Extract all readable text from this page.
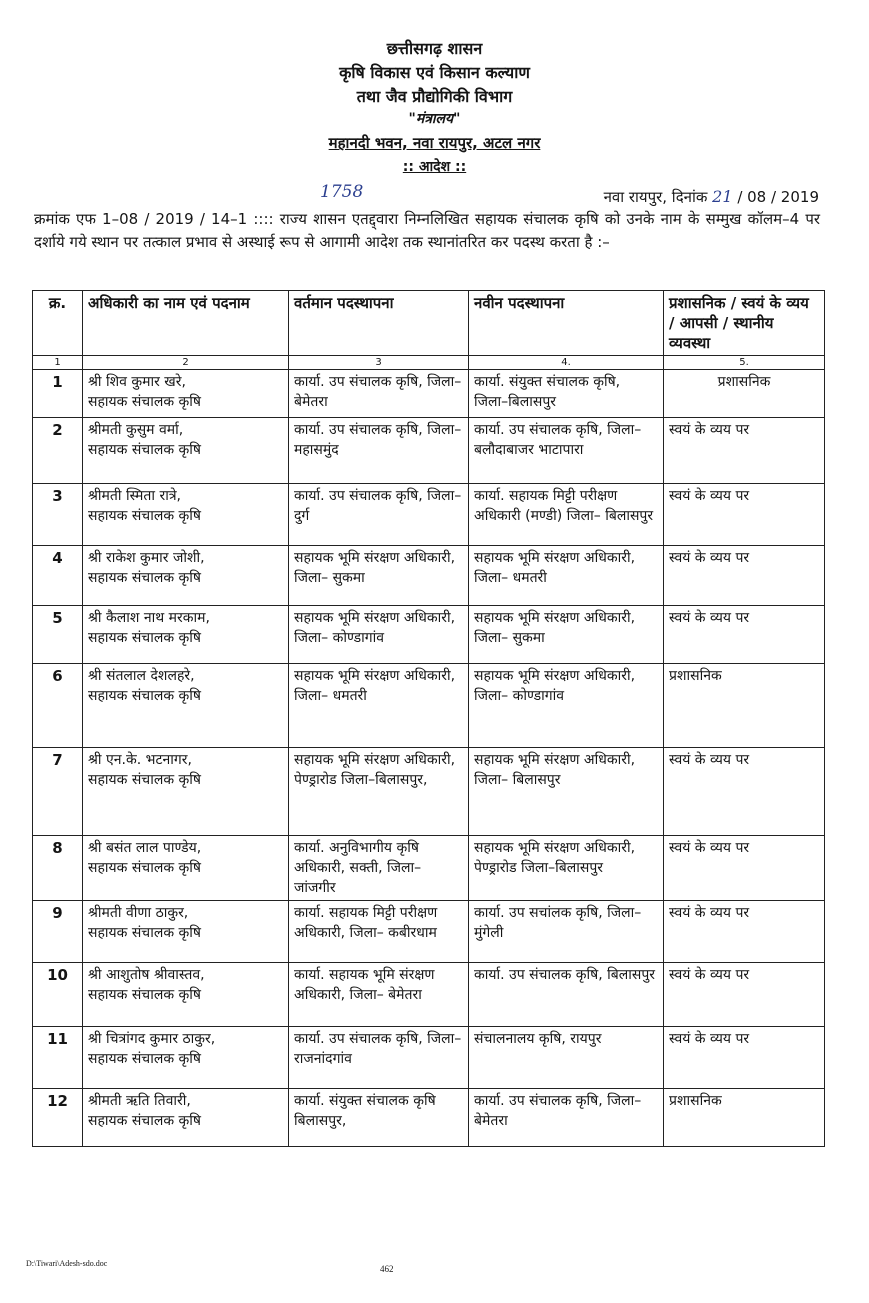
छत्तीसगढ़ शासन
कृषि विकास एवं किसान कल्याण
तथा जैव प्रौद्योगिकी विभाग
"मंत्रालय"
महानदी भवन, नवा रायपुर, अटल नगर
:: आदेश ::
1758	नवा रायपुर, दिनांक 21 / 08 / 2019
क्रमांक एफ 1–08 / 2019 / 14–1 :::: राज्य शासन एतद्द्वारा निम्नलिखित सहायक संचालक कृषि को उनके नाम के सम्मुख कॉलम–4 पर दर्शाये गये स्थान पर तत्काल प्रभाव से अस्थाई रूप से आगामी आदेश तक स्थानांतरित कर पदस्थ करता है :–
क्र.	अधिकारी का नाम एवं पदनाम	वर्तमान पदस्थापना	नवीन पदस्थापना	प्रशासनिक / स्वयं के व्यय / आपसी / स्थानीय व्यवस्था
1	2	3	4.	5.
1	श्री शिव कुमार खरे,
सहायक संचालक कृषि	कार्या. उप संचालक कृषि, जिला– बेमेतरा	कार्या. संयुक्त संचालक कृषि, जिला–बिलासपुर	प्रशासनिक
2	श्रीमती कुसुम वर्मा,
सहायक संचालक कृषि	कार्या. उप संचालक कृषि, जिला– महासमुंद	कार्या. उप संचालक कृषि, जिला– बलौदाबाजर भाटापारा	स्वयं के व्यय पर
3	श्रीमती स्मिता रात्रे,
सहायक संचालक कृषि	कार्या. उप संचालक कृषि, जिला– दुर्ग	कार्या. सहायक मिट्टी परीक्षण अधिकारी (मण्डी) जिला– बिलासपुर	स्वयं के व्यय पर
4	श्री राकेश कुमार जोशी,
सहायक संचालक कृषि	सहायक भूमि संरक्षण अधिकारी, जिला– सुकमा	सहायक भूमि संरक्षण अधिकारी, जिला– धमतरी	स्वयं के व्यय पर
5	श्री कैलाश नाथ मरकाम,
सहायक संचालक कृषि	सहायक भूमि संरक्षण अधिकारी, जिला– कोण्डागांव	सहायक भूमि संरक्षण अधिकारी, जिला– सुकमा	स्वयं के व्यय पर
6	श्री संतलाल देशलहरे,
सहायक संचालक कृषि	सहायक भूमि संरक्षण अधिकारी, जिला– धमतरी	सहायक भूमि संरक्षण अधिकारी, जिला– कोण्डागांव	प्रशासनिक
7	श्री एन.के. भटनागर,
सहायक संचालक कृषि	सहायक भूमि संरक्षण अधिकारी, पेण्ड्रारोड जिला–बिलासपुर,	सहायक भूमि संरक्षण अधिकारी, जिला– बिलासपुर	स्वयं के व्यय पर
8	श्री बसंत लाल पाण्डेय,
सहायक संचालक कृषि	कार्या. अनुविभागीय कृषि अधिकारी, सक्ती, जिला– जांजगीर	सहायक भूमि संरक्षण अधिकारी, पेण्ड्रारोड जिला–बिलासपुर	स्वयं के व्यय पर
9	श्रीमती वीणा ठाकुर,
सहायक संचालक कृषि	कार्या. सहायक मिट्टी परीक्षण अधिकारी, जिला– कबीरधाम	कार्या. उप सचांलक कृषि, जिला– मुंगेली	स्वयं के व्यय पर
10	श्री आशुतोष श्रीवास्तव,
सहायक संचालक कृषि	कार्या. सहायक भूमि संरक्षण अधिकारी, जिला– बेमेतरा	कार्या. उप संचालक कृषि, बिलासपुर	स्वयं के व्यय पर
11	श्री चित्रांगद कुमार ठाकुर,
सहायक संचालक कृषि	कार्या. उप संचालक कृषि, जिला– राजनांदगांव	संचालनालय कृषि, रायपुर	स्वयं के व्यय पर
12	श्रीमती ऋति तिवारी,
सहायक संचालक कृषि	कार्या. संयुक्त संचालक कृषि बिलासपुर,	कार्या. उप संचालक कृषि, जिला– बेमेतरा	प्रशासनिक
D:\Tiwari\Adesh-sdo.doc
462
